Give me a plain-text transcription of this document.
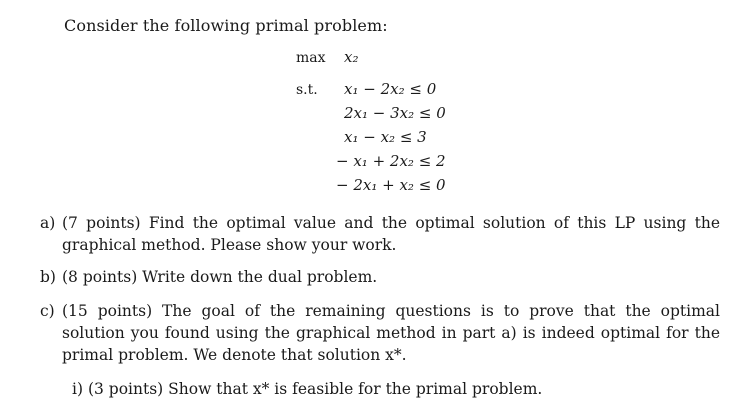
Consider the following primal problem:
max x₂
s.t. x₁ − 2x₂ ≤ 0
2x₁ − 3x₂ ≤ 0
x₁ − x₂ ≤ 3
− x₁ + 2x₂ ≤ 2
− 2x₁ + x₂ ≤ 0
a) (7 points) Find the optimal value and the optimal solution of this LP using the graphical method. Please show your work.
b) (8 points) Write down the dual problem.
c) (15 points) The goal of the remaining questions is to prove that the optimal solution you found using the graphical method in part a) is indeed optimal for the primal problem. We denote that solution x*.
i) (3 points) Show that x* is feasible for the primal problem.
